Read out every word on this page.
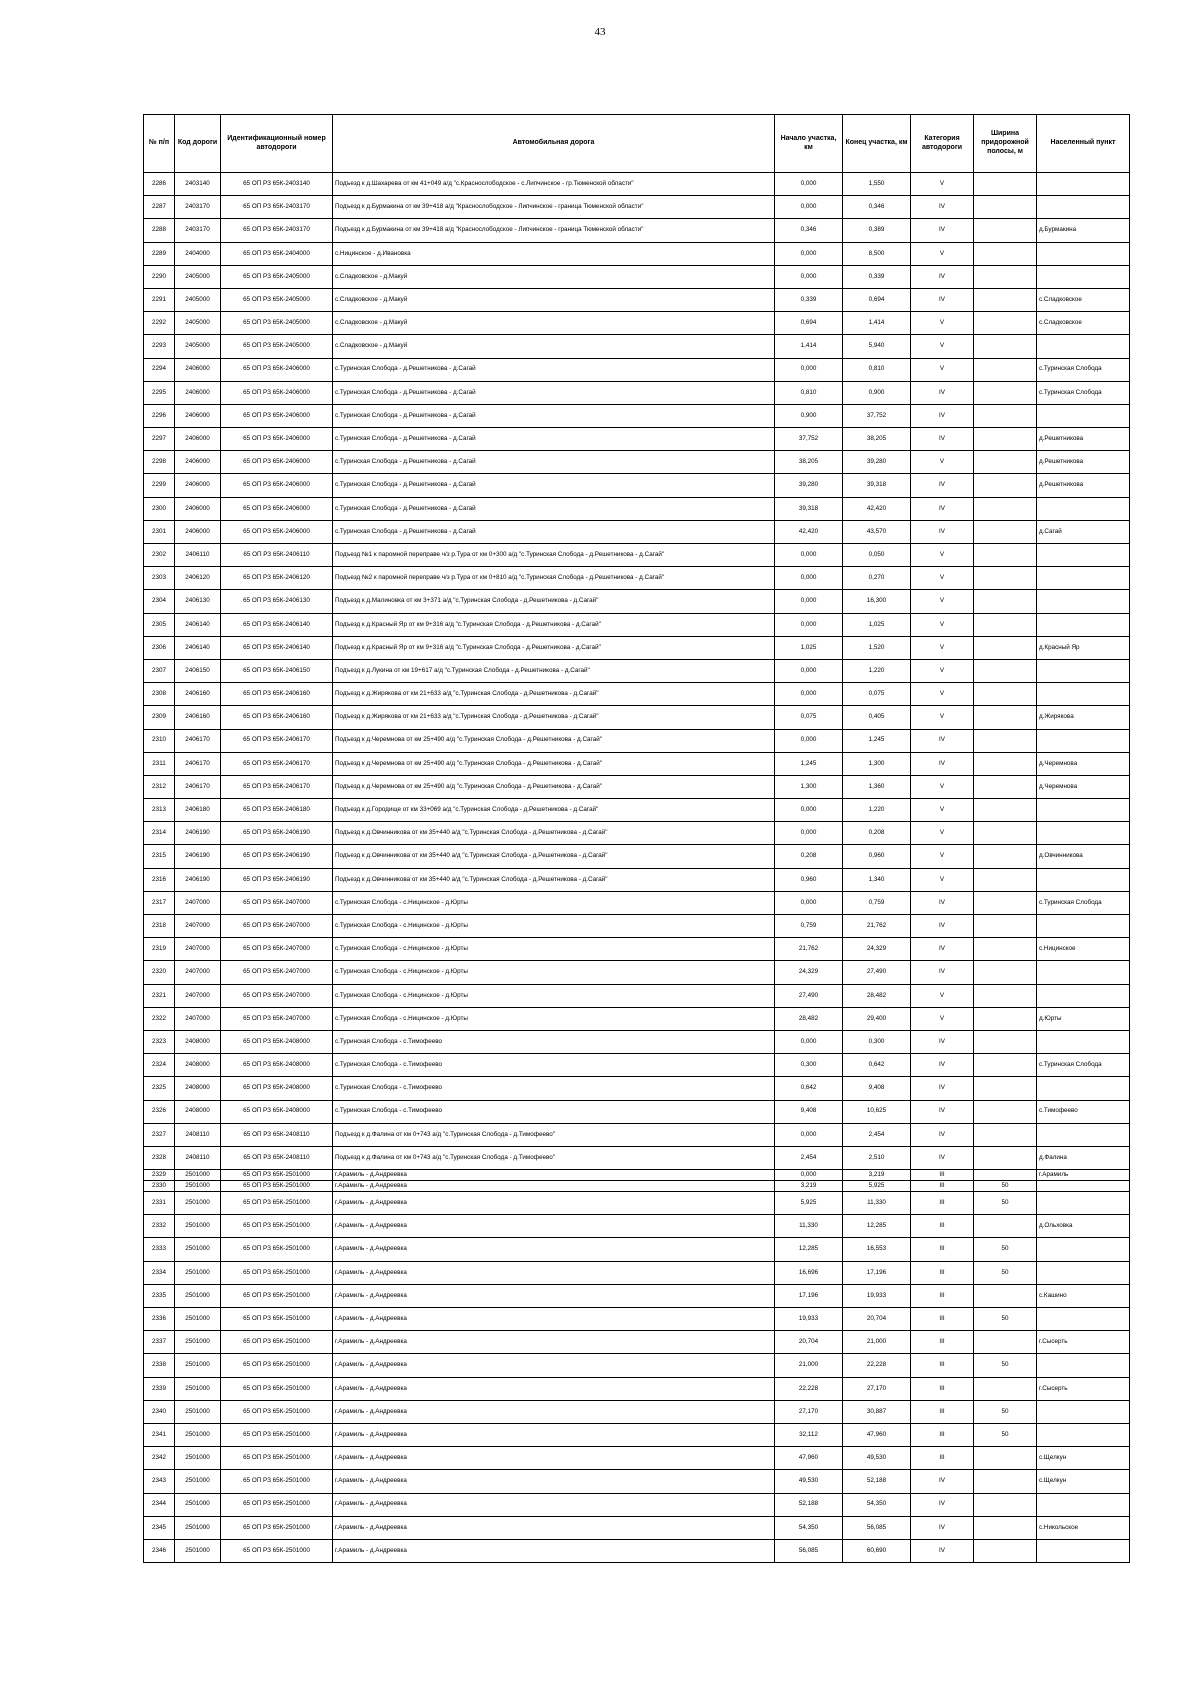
43
№ п/п	Код дороги	Идентификационный номер автодороги	Автомобильная дорога	Начало участка, км	Конец участка, км	Категория автодороги	Ширина придорожной полосы, м	Населенный пункт
2286	2403140	65 ОП РЗ 65К-2403140	Подъезд к д.Шахарева от км 41+049 а/д "с.Краснослободское - с.Липчинское - гр.Тюменской области"	0,000	1,550	V		
2287	2403170	65 ОП РЗ 65К-2403170	Подъезд к д.Бурмакина от км 39+418 а/д "Краснослободское - Липчинское - граница Тюменской области"	0,000	0,346	IV		
2288	2403170	65 ОП РЗ 65К-2403170	Подъезд к д.Бурмакина от км 39+418 а/д "Краснослободское - Липчинское - граница Тюменской области"	0,346	0,389	IV		д.Бурмакина
2289	2404000	65 ОП РЗ 65К-2404000	с.Ницинское - д.Ивановка	0,000	8,500	V		
2290	2405000	65 ОП РЗ 65К-2405000	с.Сладковское - д.Макуй	0,000	0,339	IV		
2291	2405000	65 ОП РЗ 65К-2405000	с.Сладковское - д.Макуй	0,339	0,694	IV		с.Сладковское
2292	2405000	65 ОП РЗ 65К-2405000	с.Сладковское - д.Макуй	0,694	1,414	V		с.Сладковское
2293	2405000	65 ОП РЗ 65К-2405000	с.Сладковское - д.Макуй	1,414	5,940	V		
2294	2406000	65 ОП РЗ 65К-2406000	с.Туринская Слобода - д.Решетникова - д.Сагай	0,000	0,810	V		с.Туринская Слобода
2295	2406000	65 ОП РЗ 65К-2406000	с.Туринская Слобода - д.Решетникова - д.Сагай	0,810	0,900	IV		с.Туринская Слобода
2296	2406000	65 ОП РЗ 65К-2406000	с.Туринская Слобода - д.Решетникова - д.Сагай	0,900	37,752	IV		
2297	2406000	65 ОП РЗ 65К-2406000	с.Туринская Слобода - д.Решетникова - д.Сагай	37,752	38,205	IV		д.Решетникова
2298	2406000	65 ОП РЗ 65К-2406000	с.Туринская Слобода - д.Решетникова - д.Сагай	38,205	39,280	V		д.Решетникова
2299	2406000	65 ОП РЗ 65К-2406000	с.Туринская Слобода - д.Решетникова - д.Сагай	39,280	39,318	IV		д.Решетникова
2300	2406000	65 ОП РЗ 65К-2406000	с.Туринская Слобода - д.Решетникова - д.Сагай	39,318	42,420	IV		
2301	2406000	65 ОП РЗ 65К-2406000	с.Туринская Слобода - д.Решетникова - д.Сагай	42,420	43,570	IV		д.Сагай
2302	2406110	65 ОП РЗ 65К-2406110	Подъезд №1 к паромной переправе ч/з р.Тура от км 0+300 а/д "с.Туринская Слобода - д.Решетникова - д.Сагай"	0,000	0,050	V		
2303	2406120	65 ОП РЗ 65К-2406120	Подъезд №2 к паромной переправе ч/з р.Тура от км 0+810 а/д "с.Туринская Слобода - д.Решетникова - д.Сагай"	0,000	0,270	V		
2304	2406130	65 ОП РЗ 65К-2406130	Подъезд к д.Малиновка от км 3+371 а/д "с.Туринская Слобода - д.Решетникова - д.Сагай"	0,000	16,300	V		
2305	2406140	65 ОП РЗ 65К-2406140	Подъезд к д.Красный Яр от км 9+316 а/д "с.Туринская Слобода - д.Решетникова - д.Сагай"	0,000	1,025	V		
2306	2406140	65 ОП РЗ 65К-2406140	Подъезд к д.Красный Яр от км 9+316 а/д "с.Туринская Слобода - д.Решетникова - д.Сагай"	1,025	1,520	V		д.Красный Яр
2307	2406150	65 ОП РЗ 65К-2406150	Подъезд к д.Лукина от км 19+617 а/д "с.Туринская Слобода - д.Решетникова - д.Сагай"	0,000	1,220	V		
2308	2406160	65 ОП РЗ 65К-2406160	Подъезд к д.Жирякова от км 21+633 а/д "с.Туринская Слобода - д.Решетникова - д.Сагай"	0,000	0,075	V		
2309	2406160	65 ОП РЗ 65К-2406160	Подъезд к д.Жирякова от км 21+633 а/д "с.Туринская Слобода - д.Решетникова - д.Сагай"	0,075	0,405	V		д.Жирякова
2310	2406170	65 ОП РЗ 65К-2406170	Подъезд к д.Черемнова от км 25+490 а/д "с.Туринская Слобода - д.Решетникова - д.Сагай"	0,000	1,245	IV		
2311	2406170	65 ОП РЗ 65К-2406170	Подъезд к д.Черемнова от км 25+490 а/д "с.Туринская Слобода - д.Решетникова - д.Сагай"	1,245	1,300	IV		д.Черемнова
2312	2406170	65 ОП РЗ 65К-2406170	Подъезд к д.Черемнова от км 25+490 а/д "с.Туринская Слобода - д.Решетникова - д.Сагай"	1,300	1,360	V		д.Черемнова
2313	2406180	65 ОП РЗ 65К-2406180	Подъезд к д.Городище от км 33+069 а/д "с.Туринская Слобода - д.Решетникова - д.Сагай"	0,000	1,220	V		
2314	2406190	65 ОП РЗ 65К-2406190	Подъезд к д.Овчинникова от км 35+440 а/д "с.Туринская Слобода - д.Решетникова - д.Сагай"	0,000	0,208	V		
2315	2406190	65 ОП РЗ 65К-2406190	Подъезд к д.Овчинникова от км 35+440 а/д "с.Туринская Слобода - д.Решетникова - д.Сагай"	0,208	0,960	V		д.Овчинникова
2316	2406190	65 ОП РЗ 65К-2406190	Подъезд к д.Овчинникова от км 35+440 а/д "с.Туринская Слобода - д.Решетникова - д.Сагай"	0,960	1,340	V		
2317	2407000	65 ОП РЗ 65К-2407000	с.Туринская Слобода - с.Ницинское - д.Юрты	0,000	0,759	IV		с.Туринская Слобода
2318	2407000	65 ОП РЗ 65К-2407000	с.Туринская Слобода - с.Ницинское - д.Юрты	0,759	21,762	IV		
2319	2407000	65 ОП РЗ 65К-2407000	с.Туринская Слобода - с.Ницинское - д.Юрты	21,762	24,329	IV		с.Ницинское
2320	2407000	65 ОП РЗ 65К-2407000	с.Туринская Слобода - с.Ницинское - д.Юрты	24,329	27,490	IV		
2321	2407000	65 ОП РЗ 65К-2407000	с.Туринская Слобода - с.Ницинское - д.Юрты	27,490	28,482	V		
2322	2407000	65 ОП РЗ 65К-2407000	с.Туринская Слобода - с.Ницинское - д.Юрты	28,482	29,400	V		д.Юрты
2323	2408000	65 ОП РЗ 65К-2408000	с.Туринская Слобода - с.Тимофеево	0,000	0,300	IV		
2324	2408000	65 ОП РЗ 65К-2408000	с.Туринская Слобода - с.Тимофеево	0,300	0,642	IV		с.Туринская Слобода
2325	2408000	65 ОП РЗ 65К-2408000	с.Туринская Слобода - с.Тимофеево	0,642	9,408	IV		
2326	2408000	65 ОП РЗ 65К-2408000	с.Туринская Слобода - с.Тимофеево	9,408	10,625	IV		с.Тимофеево
2327	2408110	65 ОП РЗ 65К-2408110	Подъезд к д.Фалина от км 0+743 а/д "с.Туринская Слобода - д.Тимофеево"	0,000	2,454	IV		
2328	2408110	65 ОП РЗ 65К-2408110	Подъезд к д.Фалина от км 0+743 а/д "с.Туринская Слобода - д.Тимофеево"	2,454	2,510	IV		д.Фалина
2329	2501000	65 ОП РЗ 65К-2501000	г.Арамиль - д.Андреевка	0,000	3,219	III		г.Арамиль
2330	2501000	65 ОП РЗ 65К-2501000	г.Арамиль - д.Андреевка	3,219	5,925	III	50	
2331	2501000	65 ОП РЗ 65К-2501000	г.Арамиль - д.Андреевка	5,925	11,330	III	50	
2332	2501000	65 ОП РЗ 65К-2501000	г.Арамиль - д.Андреевка	11,330	12,285	III		д.Ольховка
2333	2501000	65 ОП РЗ 65К-2501000	г.Арамиль - д.Андреевка	12,285	16,553	III	50	
2334	2501000	65 ОП РЗ 65К-2501000	г.Арамиль - д.Андреевка	16,696	17,196	III	50	
2335	2501000	65 ОП РЗ 65К-2501000	г.Арамиль - д.Андреевка	17,196	19,933	III		с.Кашино
2336	2501000	65 ОП РЗ 65К-2501000	г.Арамиль - д.Андреевка	19,933	20,704	III	50	
2337	2501000	65 ОП РЗ 65К-2501000	г.Арамиль - д.Андреевка	20,704	21,000	III		г.Сысерть
2338	2501000	65 ОП РЗ 65К-2501000	г.Арамиль - д.Андреевка	21,000	22,228	III	50	
2339	2501000	65 ОП РЗ 65К-2501000	г.Арамиль - д.Андреевка	22,228	27,170	III		г.Сысерть
2340	2501000	65 ОП РЗ 65К-2501000	г.Арамиль - д.Андреевка	27,170	30,887	III	50	
2341	2501000	65 ОП РЗ 65К-2501000	г.Арамиль - д.Андреевка	32,112	47,960	III	50	
2342	2501000	65 ОП РЗ 65К-2501000	г.Арамиль - д.Андреевка	47,960	49,530	III		с.Щелкун
2343	2501000	65 ОП РЗ 65К-2501000	г.Арамиль - д.Андреевка	49,530	52,188	IV		с.Щелкун
2344	2501000	65 ОП РЗ 65К-2501000	г.Арамиль - д.Андреевка	52,188	54,350	IV		
2345	2501000	65 ОП РЗ 65К-2501000	г.Арамиль - д.Андреевка	54,350	56,085	IV		с.Никольское
2346	2501000	65 ОП РЗ 65К-2501000	г.Арамиль - д.Андреевка	56,085	60,690	IV		
